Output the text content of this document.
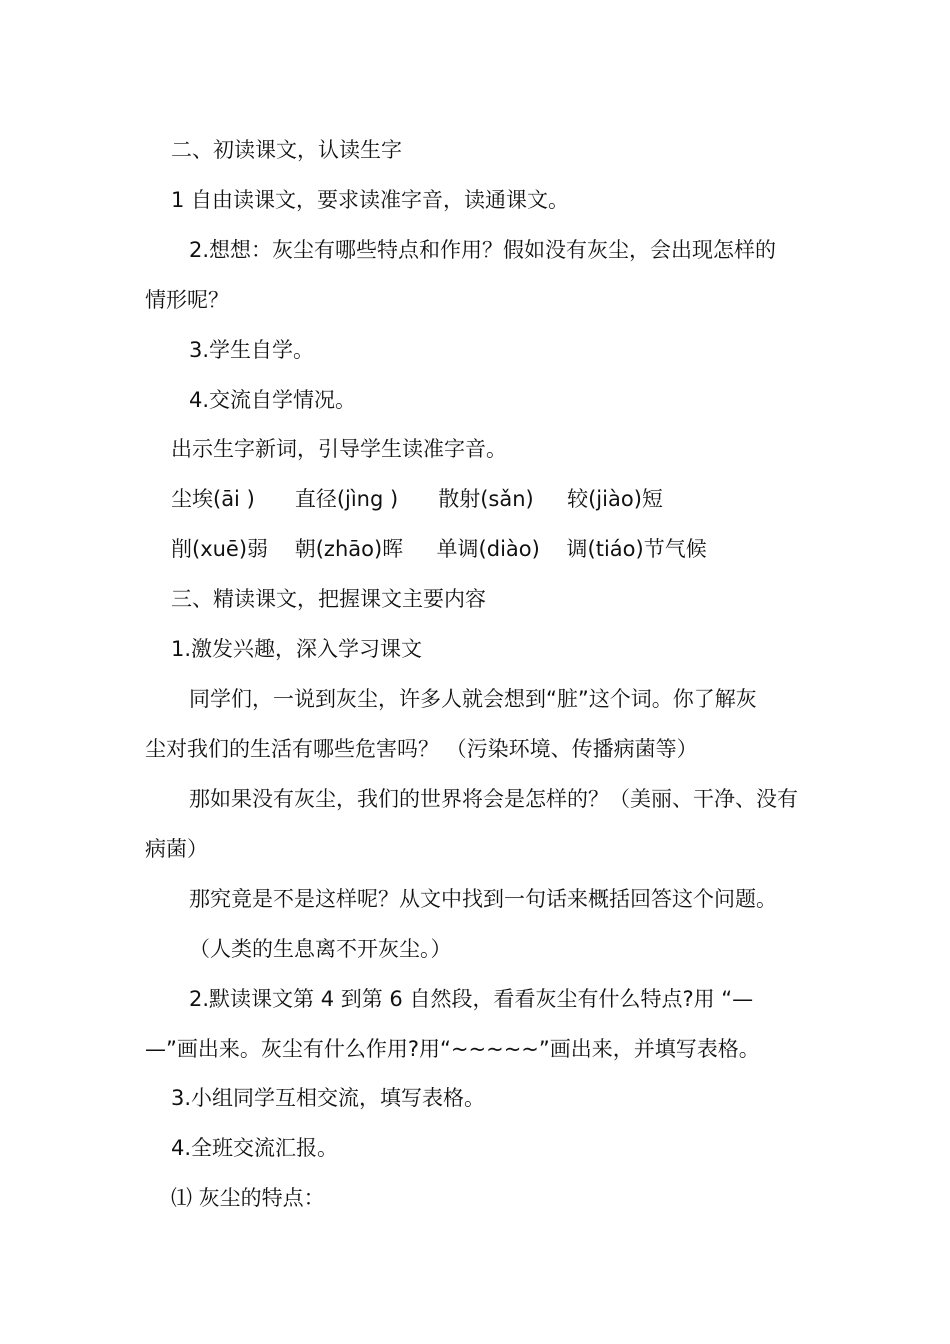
二、初读课文，认读生字
1 自由读课文，要求读准字音，读通课文。
2.想想：灰尘有哪些特点和作用？假如没有灰尘，会出现怎样的
情形呢？
3.学生自学。
4.交流自学情况。
出示生字新词，引导学生读准字音。
尘埃(āi )      直径(jìng )      散射(sǎn)     较(jiào)短
削(xuē)弱    朝(zhāo)晖     单调(diào)    调(tiáo)节气候
三、精读课文，把握课文主要内容
1.激发兴趣，深入学习课文
同学们，一说到灰尘，许多人就会想到“脏”这个词。你了解灰
尘对我们的生活有哪些危害吗？ （污染环境、传播病菌等）
那如果没有灰尘，我们的世界将会是怎样的？（美丽、干净、没有
病菌）
那究竟是不是这样呢？从文中找到一句话来概括回答这个问题。
（人类的生息离不开灰尘。）
2.默读课文第 4 到第 6 自然段，看看灰尘有什么特点?用 “—
—”画出来。灰尘有什么作用?用“~~~~~”画出来，并填写表格。
3.小组同学互相交流，填写表格。
4.全班交流汇报。
⑴ 灰尘的特点：
